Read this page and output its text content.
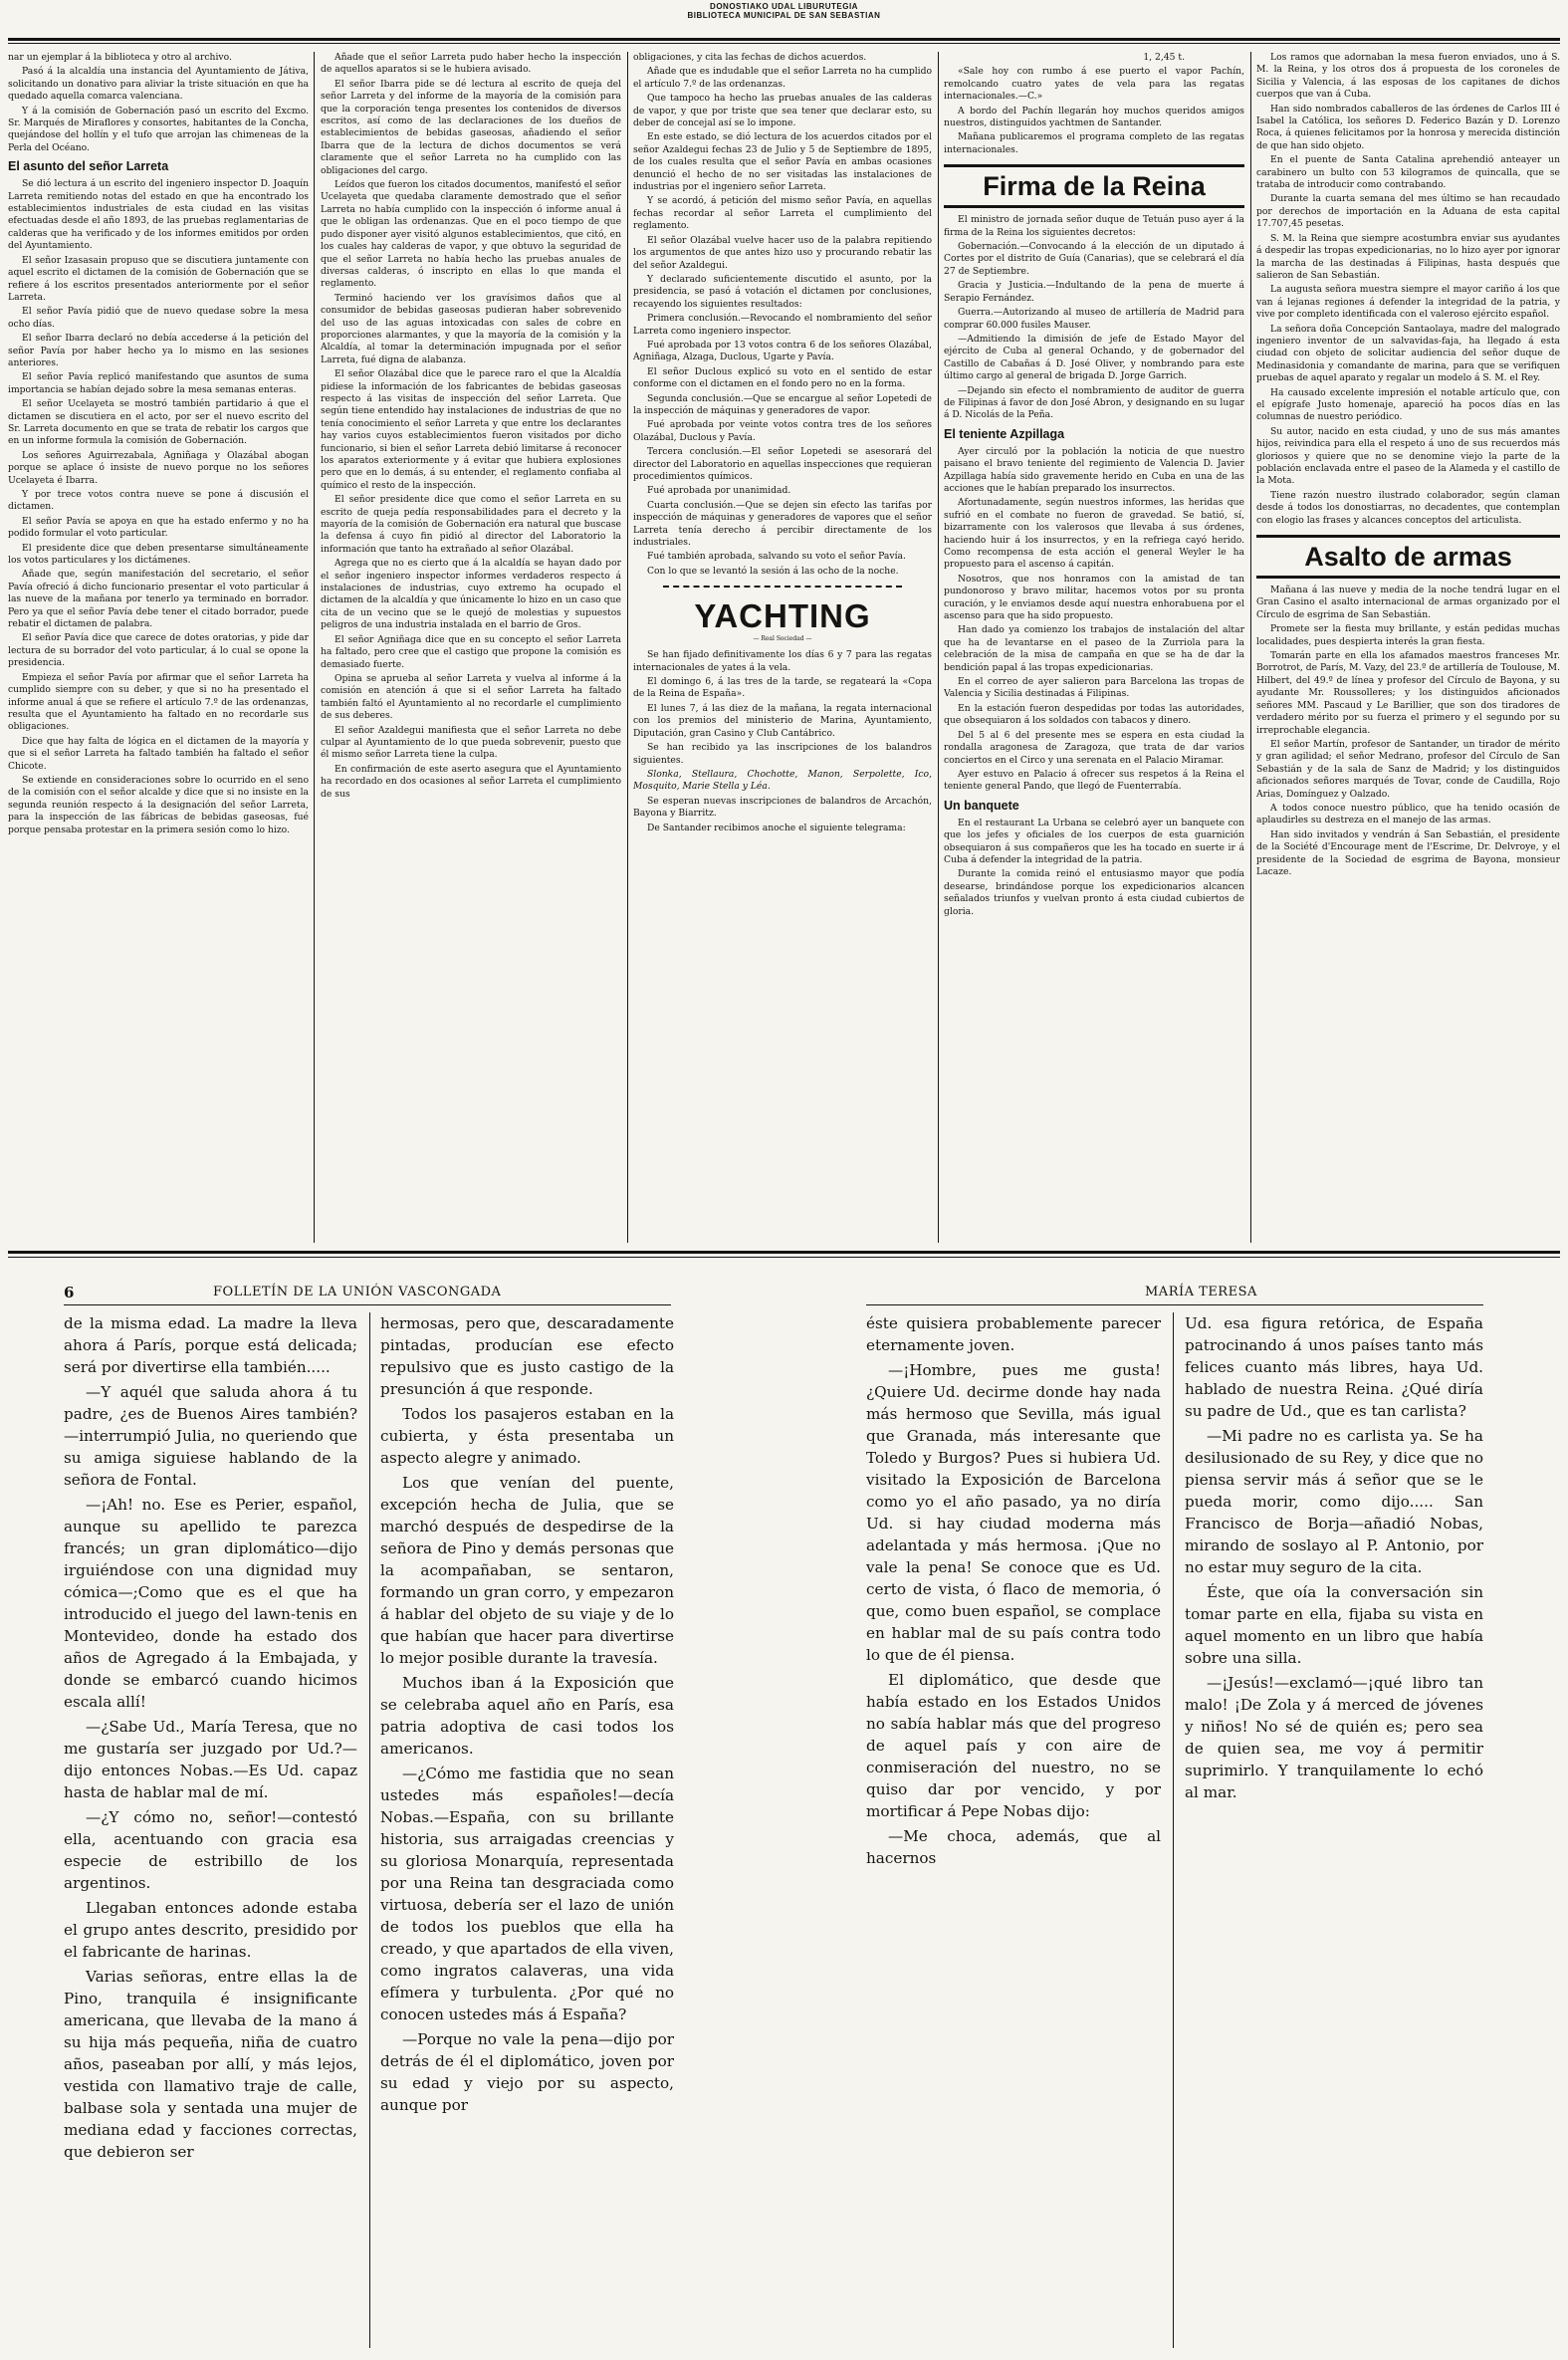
DONOSTIAKO UDAL LIBURUTEGIA
BIBLIOTECA MUNICIPAL DE SAN SEBASTIAN

nar un ejemplar á la biblioteca y otro al archivo.

Pasó á la alcaldía una instancia del Ayuntamiento de Játiva, solicitando un donativo para aliviar la triste situación en que ha quedado aquella comarca valenciana.

Y á la comisión de Gobernación pasó un escrito del Excmo. Sr. Marqués de Miraflores y consortes, habitantes de la Concha, quejándose del hollín y el tufo que arrojan las chimeneas de la Perla del Océano.

El asunto del señor Larreta

Se dió lectura á un escrito del ingeniero inspector D. Joaquín Larreta remitiendo notas del estado en que ha encontrado los establecimientos industriales de esta ciudad en las visitas efectuadas desde el año 1893, de las pruebas reglamentarias de calderas que ha verificado y de los informes emitidos por orden del Ayuntamiento.

El señor Izasasain propuso que se discutiera juntamente con aquel escrito el dictamen de la comisión de Gobernación que se refiere á los escritos presentados anteriormente por el señor Larreta.

El señor Pavía pidió que de nuevo quedase sobre la mesa ocho días.

El señor Ibarra declaró no debía accederse á la petición del señor Pavía por haber hecho ya lo mismo en las sesiones anteriores.

El señor Pavía replicó manifestando que asuntos de suma importancia se habían dejado sobre la mesa semanas enteras.

El señor Ucelayeta se mostró también partidario á que el dictamen se discutiera en el acto, por ser el nuevo escrito del Sr. Larreta documento en que se trata de rebatir los cargos que en un informe formula la comisión de Gobernación.

Los señores Aguirrezabala, Agniñaga y Olazábal abogan porque se aplace ó insiste de nuevo porque no los señores Ucelayeta é Ibarra.

Y por trece votos contra nueve se pone á discusión el dictamen.

El señor Pavía se apoya en que ha estado enfermo y no ha podido formular el voto particular.

El presidente dice que deben presentarse simultáneamente los votos particulares y los dictámenes.

Añade que, según manifestación del secretario, el señor Pavía ofreció á dicho funcionario presentar el voto particular á las nueve de la mañana por tenerlo ya terminado en borrador. Pero ya que el señor Pavía debe tener el citado borrador, puede rebatir el dictamen de palabra.

El señor Pavía dice que carece de dotes oratorias, y pide dar lectura de su borrador del voto particular, á lo cual se opone la presidencia.

Empieza el señor Pavía por afirmar que el señor Larreta ha cumplido siempre con su deber, y que si no ha presentado el informe anual á que se refiere el artículo 7.º de las ordenanzas, resulta que el Ayuntamiento ha faltado en no recordarle sus obligaciones.

Dice que hay falta de lógica en el dictamen de la mayoría y que si el señor Larreta ha faltado también ha faltado el señor Chicote.

Se extiende en consideraciones sobre lo ocurrido en el seno de la comisión con el señor alcalde y dice que si no insiste en la segunda reunión respecto á la designación del señor Larreta, para la inspección de las fábricas de bebidas gaseosas, fué porque pensaba protestar en la primera sesión como lo hizo.

Añade que el señor Larreta pudo haber hecho la inspección de aquellos aparatos si se le hubiera avisado.

El señor Ibarra pide se dé lectura al escrito de queja del señor Larreta y del informe de la mayoría de la comisión para que la corporación tenga presentes los contenidos de diversos escritos, así como de las declaraciones de los dueños de establecimientos de bebidas gaseosas, añadiendo el señor Ibarra que de la lectura de dichos documentos se verá claramente que el señor Larreta no ha cumplido con las obligaciones del cargo.

Leídos que fueron los citados documentos, manifestó el señor Ucelayeta que quedaba claramente demostrado que el señor Larreta no había cumplido con la inspección ó informe anual á que le obligan las ordenanzas. Que en el poco tiempo de que pudo disponer ayer visitó algunos establecimientos, que citó, en los cuales hay calderas de vapor, y que obtuvo la seguridad de que el señor Larreta no había hecho las pruebas anuales de diversas calderas, ó inscripto en ellas lo que manda el reglamento.

Terminó haciendo ver los gravísimos daños que al consumidor de bebidas gaseosas pudieran haber sobrevenido del uso de las aguas intoxicadas con sales de cobre en proporciones alarmantes, y que la mayoría de la comisión y la Alcaldía, al tomar la determinación impugnada por el señor Larreta, fué digna de alabanza.

El señor Olazábal dice que le parece raro el que la Alcaldía pidiese la información de los fabricantes de bebidas gaseosas respecto á las visitas de inspección del señor Larreta. Que según tiene entendido hay instalaciones de industrias de que no tenía conocimiento el señor Larreta y que entre los declarantes hay varios cuyos establecimientos fueron visitados por dicho funcionario, si bien el señor Larreta debió limitarse á reconocer los aparatos exteriormente y á evitar que hubiera explosiones pero que en lo demás, á su entender, el reglamento confiaba al químico el resto de la inspección.

El señor presidente dice que como el señor Larreta en su escrito de queja pedía responsabilidades para el decreto y la mayoría de la comisión de Gobernación era natural que buscase la defensa á cuyo fin pidió al director del Laboratorio la información que tanto ha extrañado al señor Olazábal.

Agrega que no es cierto que á la alcaldía se hayan dado por el señor ingeniero inspector informes verdaderos respecto á instalaciones de industrias, cuyo extremo ha ocupado el dictamen de la alcaldía y que únicamente lo hizo en un caso que cita de un vecino que se le quejó de molestias y supuestos peligros de una industria instalada en el barrio de Gros.

El señor Agniñaga dice que en su concepto el señor Larreta ha faltado, pero cree que el castigo que propone la comisión es demasiado fuerte.

Opina se aprueba al señor Larreta y vuelva al informe á la comisión en atención á que si el señor Larreta ha faltado también faltó el Ayuntamiento al no recordarle el cumplimiento de sus deberes.

El señor Azaldegui manifiesta que el señor Larreta no debe culpar al Ayuntamiento de lo que pueda sobrevenir, puesto que él mismo señor Larreta tiene la culpa.

En confirmación de este aserto asegura que el Ayuntamiento ha recordado en dos ocasiones al señor Larreta el cumplimiento de sus

obligaciones, y cita las fechas de dichos acuerdos.

Añade que es indudable que el señor Larreta no ha cumplido el artículo 7.º de las ordenanzas.

Que tampoco ha hecho las pruebas anuales de las calderas de vapor, y que por triste que sea tener que declarar esto, su deber de concejal así se lo impone.

En este estado, se dió lectura de los acuerdos citados por el señor Azaldegui fechas 23 de Julio y 5 de Septiembre de 1895, de los cuales resulta que el señor Pavía en ambas ocasiones denunció el hecho de no ser visitadas las instalaciones de industrias por el ingeniero señor Larreta.

Y se acordó, á petición del mismo señor Pavía, en aquellas fechas recordar al señor Larreta el cumplimiento del reglamento.

El señor Olazábal vuelve hacer uso de la palabra repitiendo los argumentos de que antes hizo uso y procurando rebatir las del señor Azaldegui.

Y declarado suficientemente discutido el asunto, por la presidencia, se pasó á votación el dictamen por conclusiones, recayendo los siguientes resultados:

Primera conclusión.—Revocando el nombramiento del señor Larreta como ingeniero inspector.

Fué aprobada por 13 votos contra 6 de los señores Olazábal, Agniñaga, Alzaga, Duclous, Ugarte y Pavía.

El señor Duclous explicó su voto en el sentido de estar conforme con el dictamen en el fondo pero no en la forma.

Segunda conclusión.—Que se encargue al señor Lopetedi de la inspección de máquinas y generadores de vapor.

Fué aprobada por veinte votos contra tres de los señores Olazábal, Duclous y Pavía.

Tercera conclusión.—El señor Lopetedi se asesorará del director del Laboratorio en aquellas inspecciones que requieran procedimientos químicos.

Fué aprobada por unanimidad.

Cuarta conclusión.—Que se dejen sin efecto las tarifas por inspección de máquinas y generadores de vapores que el señor Larreta tenía derecho á percibir directamente de los industriales.

Fué también aprobada, salvando su voto el señor Pavía.

Con lo que se levantó la sesión á las ocho de la noche.

YACHTING
— Real Sociedad —

Se han fijado definitivamente los días 6 y 7 para las regatas internacionales de yates á la vela.

El domingo 6, á las tres de la tarde, se regateará la «Copa de la Reina de España».

El lunes 7, á las diez de la mañana, la regata internacional con los premios del ministerio de Marina, Ayuntamiento, Diputación, gran Casino y Club Cantábrico.

Se han recibido ya las inscripciones de los balandros siguientes.

Slonka, Stellaura, Chochotte, Manon, Serpolette, Ico, Mosquito, Marie Stella y Léa.

Se esperan nuevas inscripciones de balandros de Arcachón, Bayona y Biarritz.

De Santander recibimos anoche el siguiente telegrama:

1, 2,45 t.

«Sale hoy con rumbo á ese puerto el vapor Pachín, remolcando cuatro yates de vela para las regatas internacionales.—C.»

A bordo del Pachín llegarán hoy muchos queridos amigos nuestros, distinguidos yachtmen de Santander.

Mañana publicaremos el programa completo de las regatas internacionales.

Firma de la Reina

El ministro de jornada señor duque de Tetuán puso ayer á la firma de la Reina los siguientes decretos:

Gobernación.—Convocando á la elección de un diputado á Cortes por el distrito de Guía (Canarias), que se celebrará el día 27 de Septiembre.

Gracia y Justicia.—Indultando de la pena de muerte á Serapio Fernández.

Guerra.—Autorizando al museo de artillería de Madrid para comprar 60.000 fusiles Mauser.

—Admitiendo la dimisión de jefe de Estado Mayor del ejército de Cuba al general Ochando, y de gobernador del Castillo de Cabañas á D. José Oliver, y nombrando para este último cargo al general de brigada D. Jorge Garrich.

—Dejando sin efecto el nombramiento de auditor de guerra de Filipinas á favor de don José Abron, y designando en su lugar á D. Nicolás de la Peña.

El teniente Azpillaga

Ayer circuló por la población la noticia de que nuestro paisano el bravo teniente del regimiento de Valencia D. Javier Azpillaga había sido gravemente herido en Cuba en una de las acciones que le habían preparado los insurrectos.

Afortunadamente, según nuestros informes, las heridas que sufrió en el combate no fueron de gravedad. Se batió, sí, bizarramente con los valerosos que llevaba á sus órdenes, haciendo huir á los insurrectos, y en la refriega cayó herido. Como recompensa de esta acción el general Weyler le ha propuesto para el ascenso á capitán.

Nosotros, que nos honramos con la amistad de tan pundonoroso y bravo militar, hacemos votos por su pronta curación, y le enviamos desde aquí nuestra enhorabuena por el ascenso para que ha sido propuesto.

Han dado ya comienzo los trabajos de instalación del altar que ha de levantarse en el paseo de la Zurriola para la celebración de la misa de campaña en que se ha de dar la bendición papal á las tropas expedicionarias.

En el correo de ayer salieron para Barcelona las tropas de Valencia y Sicilia destinadas á Filipinas.

En la estación fueron despedidas por todas las autoridades, que obsequiaron á los soldados con tabacos y dinero.

Del 5 al 6 del presente mes se espera en esta ciudad la rondalla aragonesa de Zaragoza, que trata de dar varios conciertos en el Circo y una serenata en el Palacio Miramar.

Ayer estuvo en Palacio á ofrecer sus respetos á la Reina el teniente general Pando, que llegó de Fuenterrabía.

Un banquete

En el restaurant La Urbana se celebró ayer un banquete con que los jefes y oficiales de los cuerpos de esta guarnición obsequiaron á sus compañeros que les ha tocado en suerte ir á Cuba á defender la integridad de la patria.

Durante la comida reinó el entusiasmo mayor que podía desearse, brindándose porque los expedicionarios alcancen señalados triunfos y vuelvan pronto á esta ciudad cubiertos de gloria.

Los ramos que adornaban la mesa fueron enviados, uno á S. M. la Reina, y los otros dos á propuesta de los coroneles de Sicilia y Valencia, á las esposas de los capitanes de dichos cuerpos que van á Cuba.

Han sido nombrados caballeros de las órdenes de Carlos III é Isabel la Católica, los señores D. Federico Bazán y D. Lorenzo Roca, á quienes felicitamos por la honrosa y merecida distinción de que han sido objeto.

En el puente de Santa Catalina aprehendió anteayer un carabinero un bulto con 53 kilogramos de quincalla, que se trataba de introducir como contrabando.

Durante la cuarta semana del mes último se han recaudado por derechos de importación en la Aduana de esta capital 17.707,45 pesetas.

S. M. la Reina que siempre acostumbra enviar sus ayudantes á despedir las tropas expedicionarias, no lo hizo ayer por ignorar la marcha de las destinadas á Filipinas, hasta después que salieron de San Sebastián.

La augusta señora muestra siempre el mayor cariño á los que van á lejanas regiones á defender la integridad de la patria, y vive por completo identificada con el valeroso ejército español.

La señora doña Concepción Santaolaya, madre del malogrado ingeniero inventor de un salvavidas-faja, ha llegado á esta ciudad con objeto de solicitar audiencia del señor duque de Medinasidonia y comandante de marina, para que se verifiquen pruebas de aquel aparato y regalar un modelo á S. M. el Rey.

Ha causado excelente impresión el notable artículo que, con el epígrafe Justo homenaje, apareció ha pocos días en las columnas de nuestro periódico.

Su autor, nacido en esta ciudad, y uno de sus más amantes hijos, reivindica para ella el respeto á uno de sus recuerdos más gloriosos y quiere que no se denomine viejo la parte de la población enclavada entre el paseo de la Alameda y el castillo de la Mota.

Tiene razón nuestro ilustrado colaborador, según claman desde á todos los donostiarras, no decadentes, que contemplan con elogio las frases y alcances conceptos del articulista.

Asalto de armas

Mañana á las nueve y media de la noche tendrá lugar en el Gran Casino el asalto internacional de armas organizado por el Círculo de esgrima de San Sebastián.

Promete ser la fiesta muy brillante, y están pedidas muchas localidades, pues despierta interés la gran fiesta.

Tomarán parte en ella los afamados maestros franceses Mr. Borrotrot, de París, M. Vazy, del 23.º de artillería de Toulouse, M. Hilbert, del 49.º de línea y profesor del Círculo de Bayona, y su ayudante Mr. Roussolleres; y los distinguidos aficionados señores MM. Pascaud y Le Barillier, que son dos tiradores de verdadero mérito por su fuerza el primero y el segundo por su irreprochable elegancia.

El señor Martín, profesor de Santander, un tirador de mérito y gran agilidad; el señor Medrano, profesor del Círculo de San Sebastián y de la sala de Sanz de Madrid; y los distinguidos aficionados señores marqués de Tovar, conde de Caudilla, Rojo Arias, Domínguez y Oalzado.

A todos conoce nuestro público, que ha tenido ocasión de aplaudirles su destreza en el manejo de las armas.

Han sido invitados y vendrán á San Sebastián, el presidente de la Société d'Encourage ment de l'Escrime, Dr. Delvroye, y el presidente de la Sociedad de esgrima de Bayona, monsieur Lacaze.

6	FOLLETÍN DE LA UNIÓN VASCONGADA

de la misma edad. La madre la lleva ahora á París, porque está delicada; será por divertirse ella también.....

—Y aquél que saluda ahora á tu padre, ¿es de Buenos Aires también?—interrumpió Julia, no queriendo que su amiga siguiese hablando de la señora de Fontal.

—¡Ah! no. Ese es Perier, español, aunque su apellido te parezca francés; un gran diplomático—dijo irguiéndose con una dignidad muy cómica—;Como que es el que ha introducido el juego del lawn-tenis en Montevideo, donde ha estado dos años de Agregado á la Embajada, y donde se embarcó cuando hicimos escala allí!

—¿Sabe Ud., María Teresa, que no me gustaría ser juzgado por Ud.?—dijo entonces Nobas.—Es Ud. capaz hasta de hablar mal de mí.

—¿Y cómo no, señor!—contestó ella, acentuando con gracia esa especie de estribillo de los argentinos.

Llegaban entonces adonde estaba el grupo antes descrito, presidido por el fabricante de harinas.

Varias señoras, entre ellas la de Pino, tranquila é insignificante americana, que llevaba de la mano á su hija más pequeña, niña de cuatro años, paseaban por allí, y más lejos, vestida con llamativo traje de calle, balbase sola y sentada una mujer de mediana edad y facciones correctas, que debieron ser

hermosas, pero que, descaradamente pintadas, producían ese efecto repulsivo que es justo castigo de la presunción á que responde.

Todos los pasajeros estaban en la cubierta, y ésta presentaba un aspecto alegre y animado.

Los que venían del puente, excepción hecha de Julia, que se marchó después de despedirse de la señora de Pino y demás personas que la acompañaban, se sentaron, formando un gran corro, y empezaron á hablar del objeto de su viaje y de lo que habían que hacer para divertirse lo mejor posible durante la travesía.

Muchos iban á la Exposición que se celebraba aquel año en París, esa patria adoptiva de casi todos los americanos.

—¿Cómo me fastidia que no sean ustedes más españoles!—decía Nobas.—España, con su brillante historia, sus arraigadas creencias y su gloriosa Monarquía, representada por una Reina tan desgraciada como virtuosa, debería ser el lazo de unión de todos los pueblos que ella ha creado, y que apartados de ella viven, como ingratos calaveras, una vida efímera y turbulenta. ¿Por qué no conocen ustedes más á España?

—Porque no vale la pena—dijo por detrás de él el diplomático, joven por su edad y viejo por su aspecto, aunque por

MARÍA TERESA

éste quisiera probablemente parecer eternamente joven.

—¡Hombre, pues me gusta! ¿Quiere Ud. decirme donde hay nada más hermoso que Sevilla, más igual que Granada, más interesante que Toledo y Burgos? Pues si hubiera Ud. visitado la Exposición de Barcelona como yo el año pasado, ya no diría Ud. si hay ciudad moderna más adelantada y más hermosa. ¡Que no vale la pena! Se conoce que es Ud. certo de vista, ó flaco de memoria, ó que, como buen español, se complace en hablar mal de su país contra todo lo que de él piensa.

El diplomático, que desde que había estado en los Estados Unidos no sabía hablar más que del progreso de aquel país y con aire de conmiseración del nuestro, no se quiso dar por vencido, y por mortificar á Pepe Nobas dijo:

—Me choca, además, que al hacernos

Ud. esa figura retórica, de España patrocinando á unos países tanto más felices cuanto más libres, haya Ud. hablado de nuestra Reina. ¿Qué diría su padre de Ud., que es tan carlista?

—Mi padre no es carlista ya. Se ha desilusionado de su Rey, y dice que no piensa servir más á señor que se le pueda morir, como dijo..... San Francisco de Borja—añadió Nobas, mirando de soslayo al P. Antonio, por no estar muy seguro de la cita.

Éste, que oía la conversación sin tomar parte en ella, fijaba su vista en aquel momento en un libro que había sobre una silla.

—¡Jesús!—exclamó—¡qué libro tan malo! ¡De Zola y á merced de jóvenes y niños! No sé de quién es; pero sea de quien sea, me voy á permitir suprimirlo. Y tranquilamente lo echó al mar.
